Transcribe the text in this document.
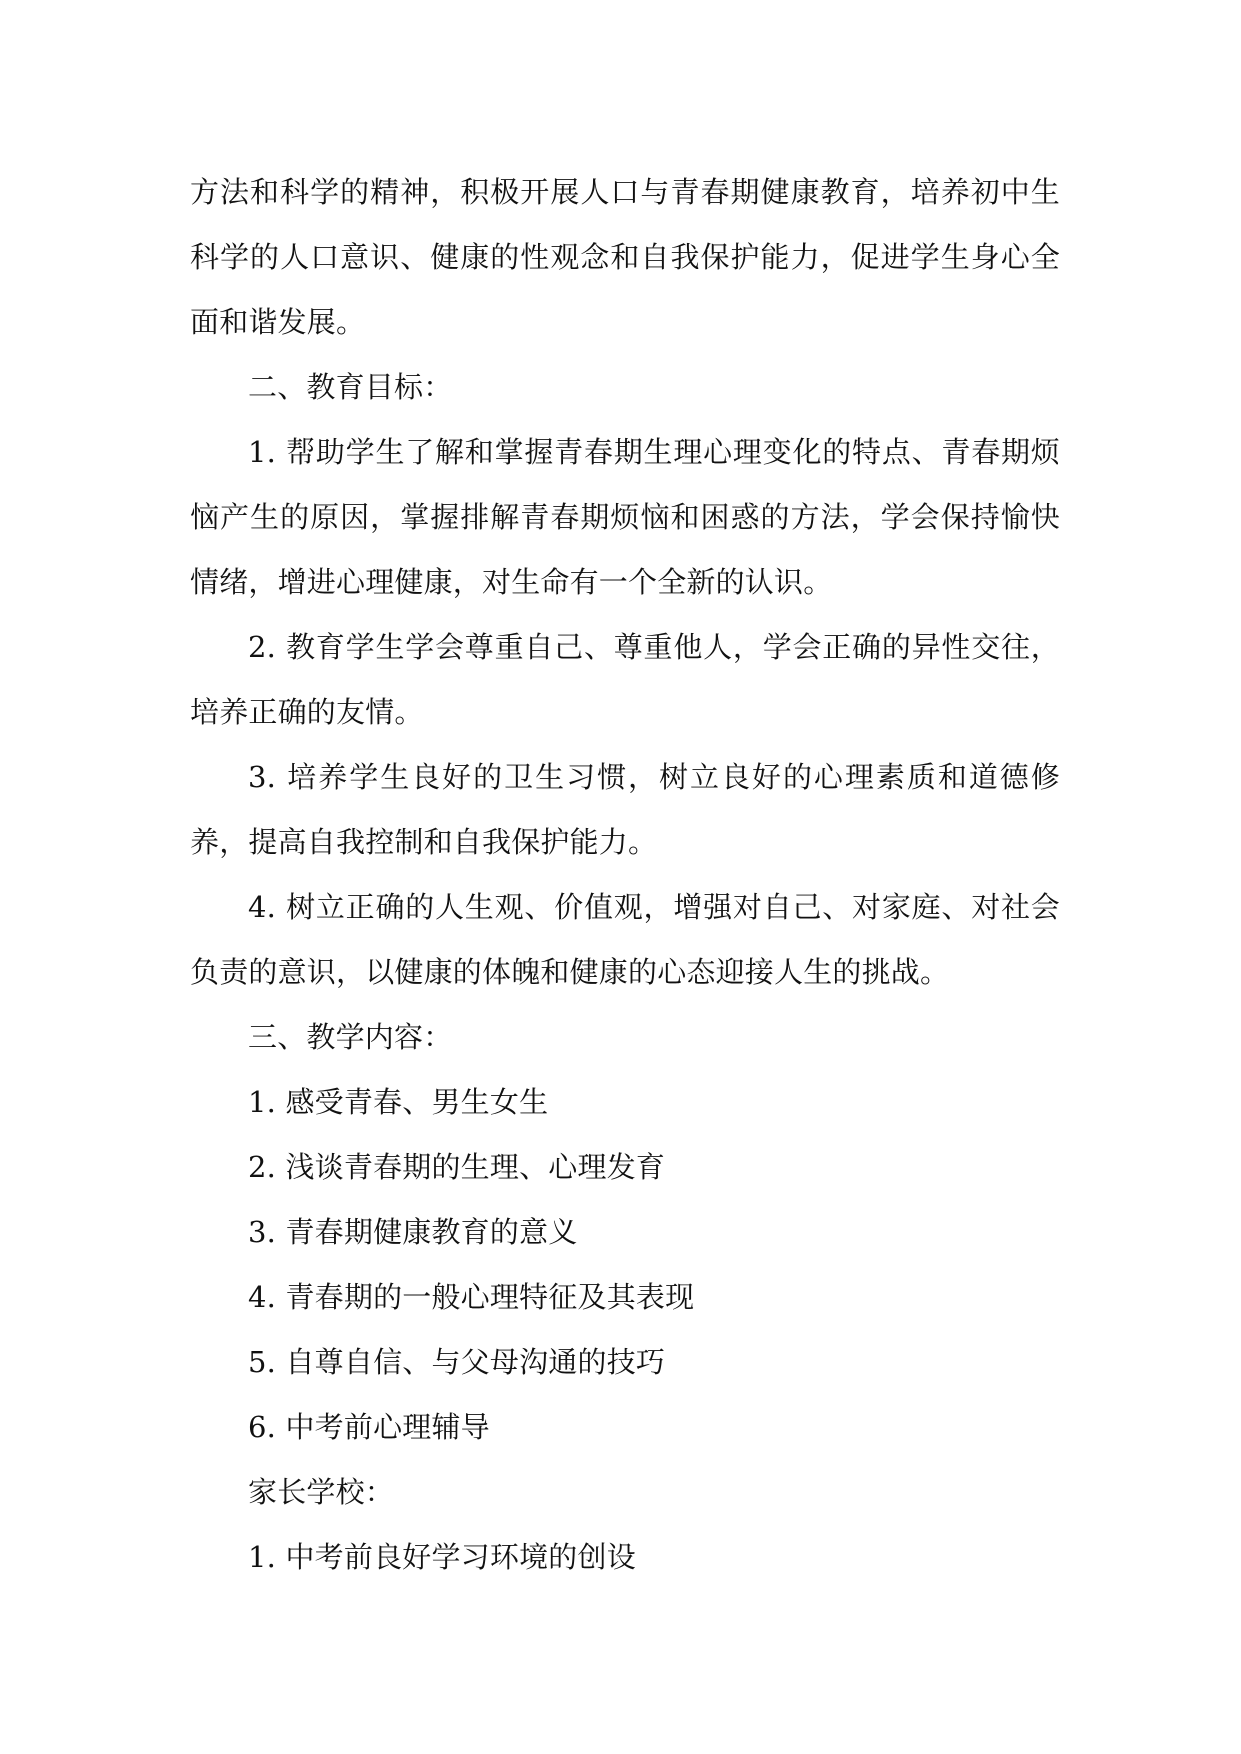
方法和科学的精神，积极开展人口与青春期健康教育，培养初中生科学的人口意识、健康的性观念和自我保护能力，促进学生身心全面和谐发展。

二、教育目标：

1. 帮助学生了解和掌握青春期生理心理变化的特点、青春期烦恼产生的原因，掌握排解青春期烦恼和困惑的方法，学会保持愉快情绪，增进心理健康，对生命有一个全新的认识。

2. 教育学生学会尊重自己、尊重他人，学会正确的异性交往，培养正确的友情。

3. 培养学生良好的卫生习惯，树立良好的心理素质和道德修养，提高自我控制和自我保护能力。

4. 树立正确的人生观、价值观，增强对自己、对家庭、对社会负责的意识，以健康的体魄和健康的心态迎接人生的挑战。

三、教学内容：

1. 感受青春、男生女生

2. 浅谈青春期的生理、心理发育

3. 青春期健康教育的意义

4. 青春期的一般心理特征及其表现

5. 自尊自信、与父母沟通的技巧

6. 中考前心理辅导

家长学校：

1. 中考前良好学习环境的创设
